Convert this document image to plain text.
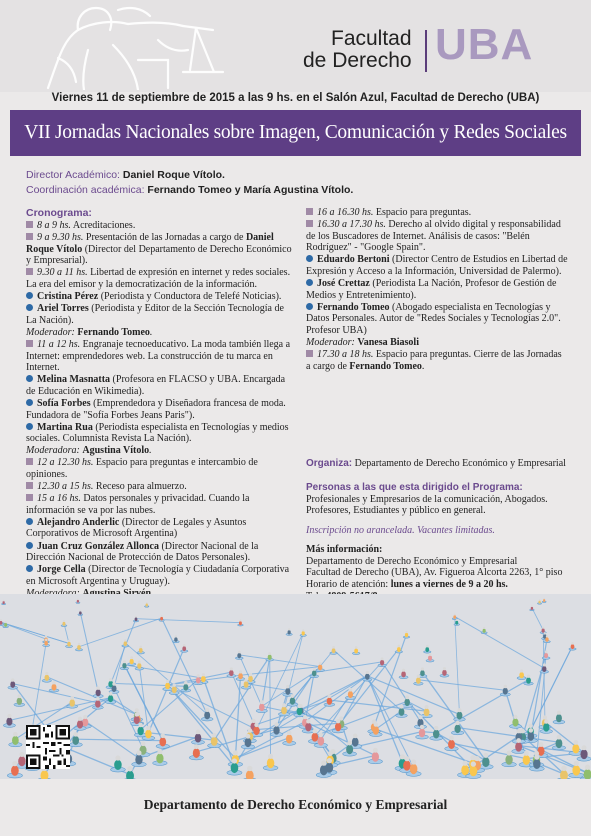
Facultad
de Derecho UBA
Viernes 11 de septiembre de 2015 a las 9 hs. en el Salón Azul, Facultad de Derecho (UBA)
VII Jornadas Nacionales sobre Imagen, Comunicación y Redes Sociales
Director Académico: Daniel Roque Vítolo.
Coordinación académica: Fernando Tomeo y María Agustina Vítolo.
Cronograma:
8 a 9 hs. Acreditaciones.
9 a 9.30 hs. Presentación de las Jornadas a cargo de Daniel Roque Vítolo (Director del Departamento de Derecho Económico y Empresarial).
9.30 a 11 hs. Libertad de expresión en internet y redes sociales. La era del emisor y la democratización de la información.
Cristina Pérez (Periodista y Conductora de Telefé Noticias).
Ariel Torres (Periodista y Editor de la Sección Tecnología de La Nación).
Moderador: Fernando Tomeo.
11 a 12 hs. Engranaje tecnoeducativo. La moda también llega a Internet: emprendedores web. La construcción de tu marca en Internet.
Melina Masnatta (Profesora en FLACSO y UBA. Encargada de Educación en Wikimedia).
Sofía Forbes (Emprendedora y Diseñadora francesa de moda. Fundadora de "Sofía Forbes Jeans Paris").
Martina Rua (Periodista especialista en Tecnologías y medios sociales. Columnista Revista La Nación).
Moderadora: Agustina Vítolo.
12 a 12.30 hs. Espacio para preguntas e intercambio de opiniones.
12.30 a 15 hs. Receso para almuerzo.
15 a 16 hs. Datos personales y privacidad. Cuando la información se va por las nubes.
Alejandro Anderlic (Director de Legales y Asuntos Corporativos de Microsoft Argentina)
Juan Cruz González Allonca (Director Nacional de la Dirección Nacional de Protección de Datos Personales).
Jorge Cella (Director de Tecnología y Ciudadanía Corporativa en Microsoft Argentina y Uruguay).
16 a 16.30 hs. Espacio para preguntas.
16.30 a 17.30 hs. Derecho al olvido digital y responsabilidad de los Buscadores de Internet. Análisis de casos: "Belén Rodríguez" - "Google Spain".
Eduardo Bertoni (Director Centro de Estudios en Libertad de Expresión y Acceso a la Información, Universidad de Palermo).
José Crettaz (Periodista La Nación, Profesor de Gestión de Medios y Entretenimiento).
Fernando Tomeo (Abogado especialista en Tecnologías y Datos Personales. Autor de "Redes Sociales y Tecnologías 2.0". Profesor UBA)
Moderador: Vanesa Biasoli
17.30 a 18 hs. Espacio para preguntas. Cierre de las Jornadas a cargo de Fernando Tomeo.
Organiza: Departamento de Derecho Económico y Empresarial
Personas a las que esta dirigido el Programa: Profesionales y Empresarios de la comunicación, Abogados. Profesores, Estudiantes y público en general.
Inscripción no arancelada. Vacantes limitadas.
Más información:
Departamento de Derecho Económico y Empresarial
Facultad de Derecho (UBA), Av. Figueroa Alcorta 2263, 1° piso
Horario de atención: lunes a viernes de 9 a 20 hs.
Departamento de Derecho Económico y Empresarial
